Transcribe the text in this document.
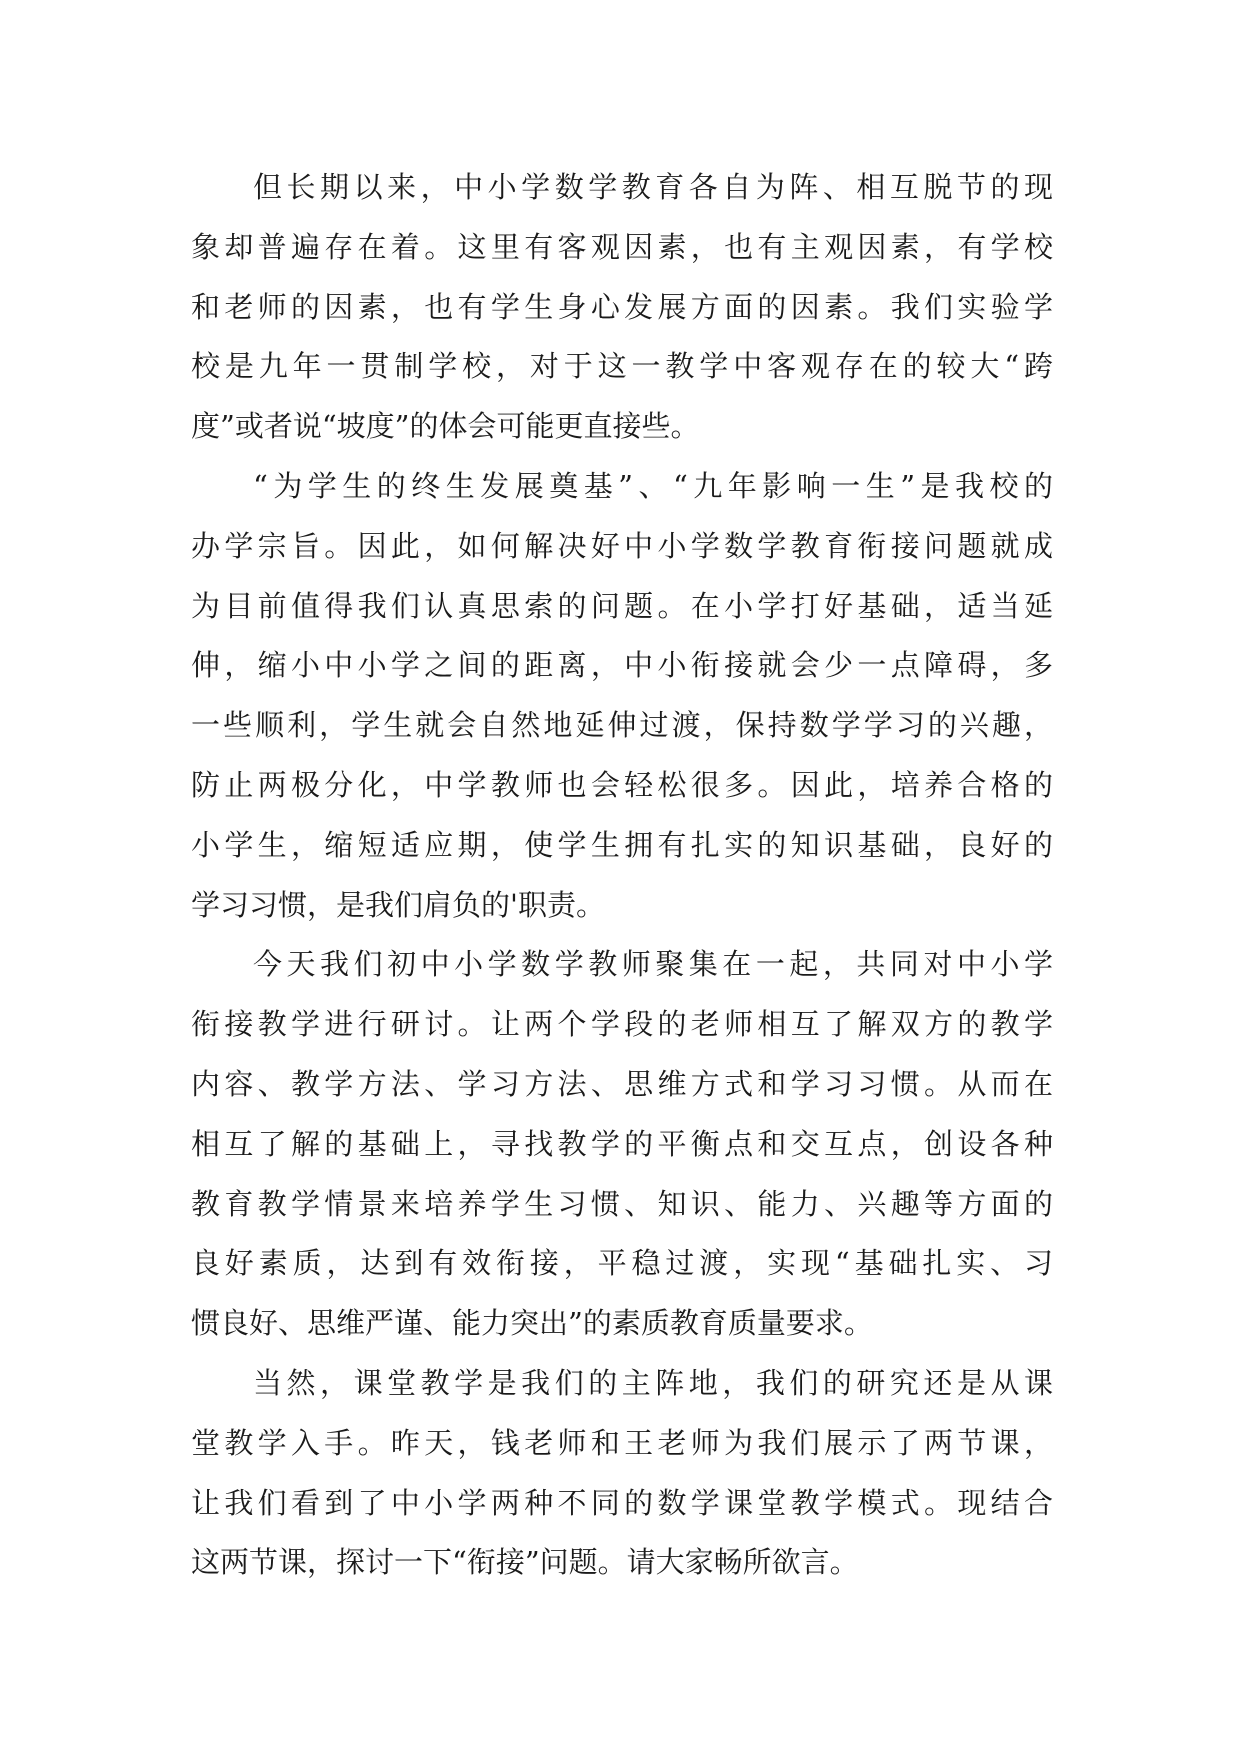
但长期以来，中小学数学教育各自为阵、相互脱节的现
象却普遍存在着。这里有客观因素，也有主观因素，有学校
和老师的因素，也有学生身心发展方面的因素。我们实验学
校是九年一贯制学校，对于这一教学中客观存在的较大“跨
度”或者说“坡度”的体会可能更直接些。
“为学生的终生发展奠基”、“九年影响一生”是我校的
办学宗旨。因此，如何解决好中小学数学教育衔接问题就成
为目前值得我们认真思索的问题。在小学打好基础，适当延
伸，缩小中小学之间的距离，中小衔接就会少一点障碍，多
一些顺利，学生就会自然地延伸过渡，保持数学学习的兴趣，
防止两极分化，中学教师也会轻松很多。因此，培养合格的
小学生，缩短适应期，使学生拥有扎实的知识基础，良好的
学习习惯，是我们肩负的'职责。
今天我们初中小学数学教师聚集在一起，共同对中小学
衔接教学进行研讨。让两个学段的老师相互了解双方的教学
内容、教学方法、学习方法、思维方式和学习习惯。从而在
相互了解的基础上，寻找教学的平衡点和交互点，创设各种
教育教学情景来培养学生习惯、知识、能力、兴趣等方面的
良好素质，达到有效衔接，平稳过渡，实现“基础扎实、习
惯良好、思维严谨、能力突出”的素质教育质量要求。
当然，课堂教学是我们的主阵地，我们的研究还是从课
堂教学入手。昨天，钱老师和王老师为我们展示了两节课，
让我们看到了中小学两种不同的数学课堂教学模式。现结合
这两节课，探讨一下“衔接”问题。请大家畅所欲言。
